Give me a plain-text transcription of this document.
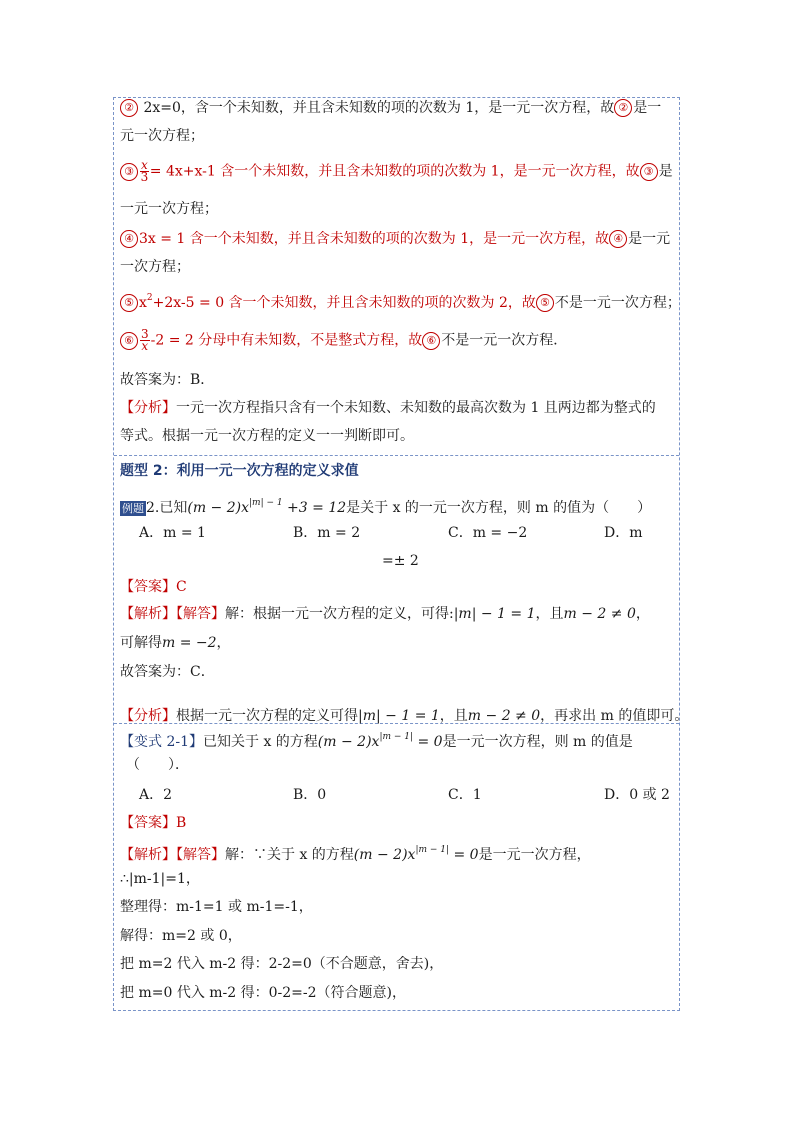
② 2x=0，含一个未知数，并且含未知数的项的次数为 1，是一元一次方程，故 ② 是一
元一次方程；
③ $\frac{x}{3} = 4x+x-1$ 含一个未知数，并且含未知数的项的次数为 1，是一元一次方程，故 ③ 是
一元一次方程；
④ 3x = 1 含一个未知数，并且含未知数的项的次数为 1，是一元一次方程，故 ④ 是一元
一次方程；
⑤ $x^2+2x-5 = 0$ 含一个未知数，并且含未知数的项的次数为 2，故 ⑤ 不是一元一次方程；
⑥ $\frac{3}{x} -2 = 2$ 分母中有未知数，不是整式方程，故 ⑥ 不是一元一次方程．
故答案为：B．
【分析】一元一次方程指只含有一个未知数、未知数的最高次数为 1 且两边都为整式的
等式。根据一元一次方程的定义一一判断即可。
题型 2：利用一元一次方程的定义求值
例题 2.已知$(m - 2)x^{|m| - 1} +3 = 12$是关于 x 的一元一次方程，则 m 的值为（　　）
A．m = 1	B．m = 2	C．m = −2	D．m
=± 2
【答案】C
【解析】【解答】解：根据一元一次方程的定义，可得:|m| − 1 = 1，且m − 2 ≠ 0，
可解得m = −2，
故答案为：C．
【分析】根据一元一次方程的定义可得|m| − 1 = 1，且m − 2 ≠ 0，再求出 m 的值即可。
【变式 2-1】已知关于 x 的方程$(m - 2)x^{|m - 1|} = 0$是一元一次方程，则 m 的值是
（　　）．
A．2	B．0	C．1	D．0 或 2
【答案】B
【解析】【解答】解：∵关于 x 的方程$(m - 2)x^{|m - 1|} = 0$是一元一次方程，
∴|m-1|=1，
整理得：m-1=1 或 m-1=-1，
解得：m=2 或 0，
把 m=2 代入 m-2 得：2-2=0（不合题意，舍去)，
把 m=0 代入 m-2 得：0-2=-2（符合题意)，
